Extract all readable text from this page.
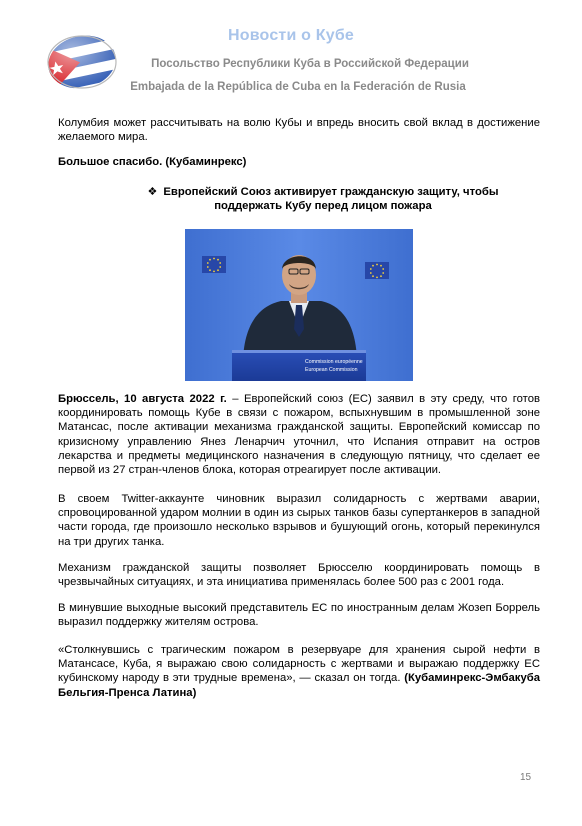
Новости о Кубе
Посольство Республики Куба в Российской Федерации
Embajada de la República de Cuba en la Federación de Rusia
Колумбия может рассчитывать на волю Кубы и впредь вносить свой вклад в достижение желаемого мира.
Большое спасибо. (Кубаминрекс)
❖ Европейский Союз активирует гражданскую защиту, чтобы поддержать Кубу перед лицом пожара
Commission européenne
European Commission
Брюссель, 10 августа 2022 г. – Европейский союз (ЕС) заявил в эту среду, что готов координировать помощь Кубе в связи с пожаром, вспыхнувшим в промышленной зоне Матансас, после активации механизма гражданской защиты. Европейский комиссар по кризисному управлению Янез Ленарчич уточнил, что Испания отправит на остров лекарства и предметы медицинского назначения в следующую пятницу, что сделает ее первой из 27 стран-членов блока, которая отреагирует после активации.
В своем Twitter-аккаунте чиновник выразил солидарность с жертвами аварии, спровоцированной ударом молнии в один из сырых танков базы супертанкеров в западной части города, где произошло несколько взрывов и бушующий огонь, который перекинулся на три других танка.
Механизм гражданской защиты позволяет Брюсселю координировать помощь в чрезвычайных ситуациях, и эта инициатива применялась более 500 раз с 2001 года.
В минувшие выходные высокий представитель ЕС по иностранным делам Жозеп Боррель выразил поддержку жителям острова.
«Столкнувшись с трагическим пожаром в резервуаре для хранения сырой нефти в Матансасе, Куба, я выражаю свою солидарность с жертвами и выражаю поддержку ЕС кубинскому народу в эти трудные времена», — сказал он тогда. (Кубаминрекс-Эмбакуба Бельгия-Пренса Латина)
15
